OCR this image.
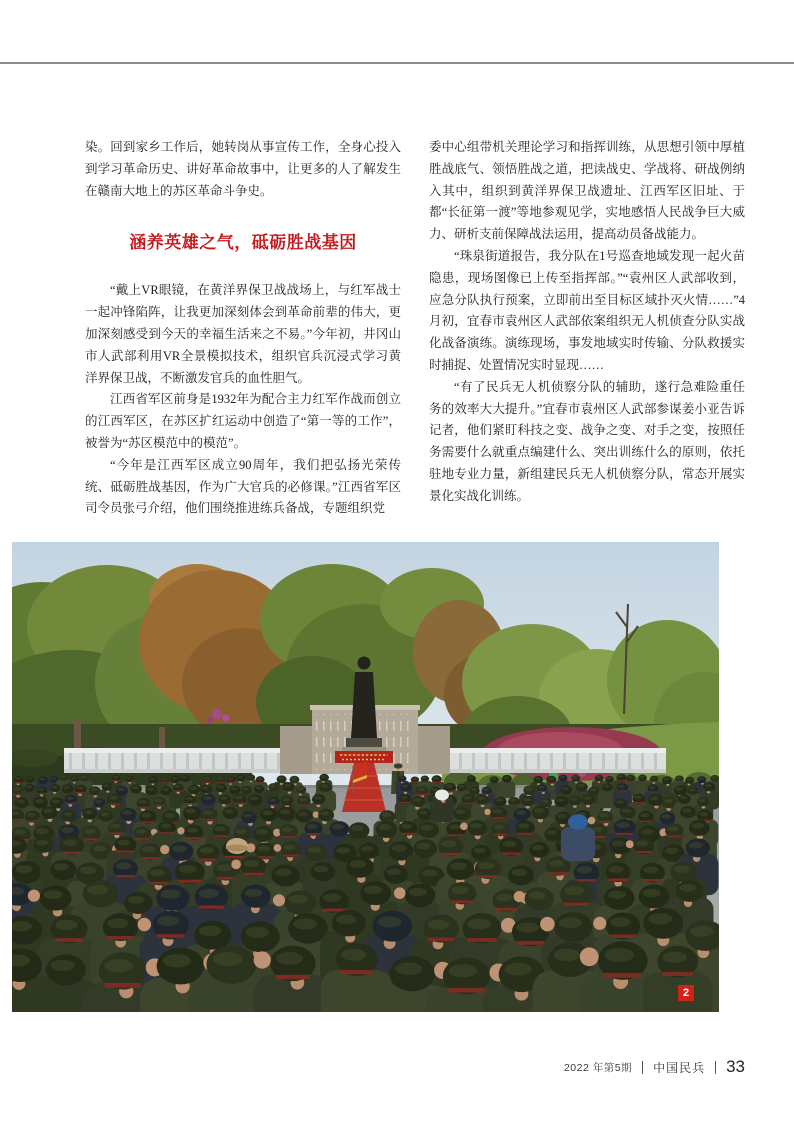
染。回到家乡工作后，她转岗从事宣传工作，全身心投入到学习革命历史、讲好革命故事中，让更多的人了解发生在赣南大地上的苏区革命斗争史。

涵养英雄之气，砥砺胜战基因

“戴上VR眼镜，在黄洋界保卫战战场上，与红军战士一起冲锋陷阵，让我更加深刻体会到革命前辈的伟大，更加深刻感受到今天的幸福生活来之不易。”今年初，井冈山市人武部利用VR全景模拟技术，组织官兵沉浸式学习黄洋界保卫战，不断激发官兵的血性胆气。

江西省军区前身是1932年为配合主力红军作战而创立的江西军区，在苏区扩红运动中创造了“第一等的工作”，被誉为“苏区模范中的模范”。

“今年是江西军区成立90周年，我们把弘扬光荣传统、砥砺胜战基因，作为广大官兵的必修课。”江西省军区司令员张弓介绍，他们围绕推进练兵备战，专题组织党

委中心组带机关理论学习和指挥训练，从思想引领中厚植胜战底气、领悟胜战之道，把读战史、学战将、研战例纳入其中，组织到黄洋界保卫战遗址、江西军区旧址、于都“长征第一渡”等地参观见学，实地感悟人民战争巨大威力、研析支前保障战法运用，提高动员备战能力。

“珠泉街道报告，我分队在1号巡查地域发现一起火苗隐患，现场图像已上传至指挥部。”“袁州区人武部收到，应急分队执行预案，立即前出至目标区域扑灭火情……”4月初，宜春市袁州区人武部依案组织无人机侦查分队实战化战备演练。演练现场，事发地域实时传输、分队救援实时捕捉、处置情况实时显现……

“有了民兵无人机侦察分队的辅助，遂行急难险重任务的效率大大提升。”宜春市袁州区人武部参谋姜小亚告诉记者，他们紧盯科技之变、战争之变、对手之变，按照任务需要什么就重点编建什么、突出训练什么的原则，依托驻地专业力量，新组建民兵无人机侦察分队，常态开展实景化实战化训练。

2
2022 年第5期 中国民兵 33
